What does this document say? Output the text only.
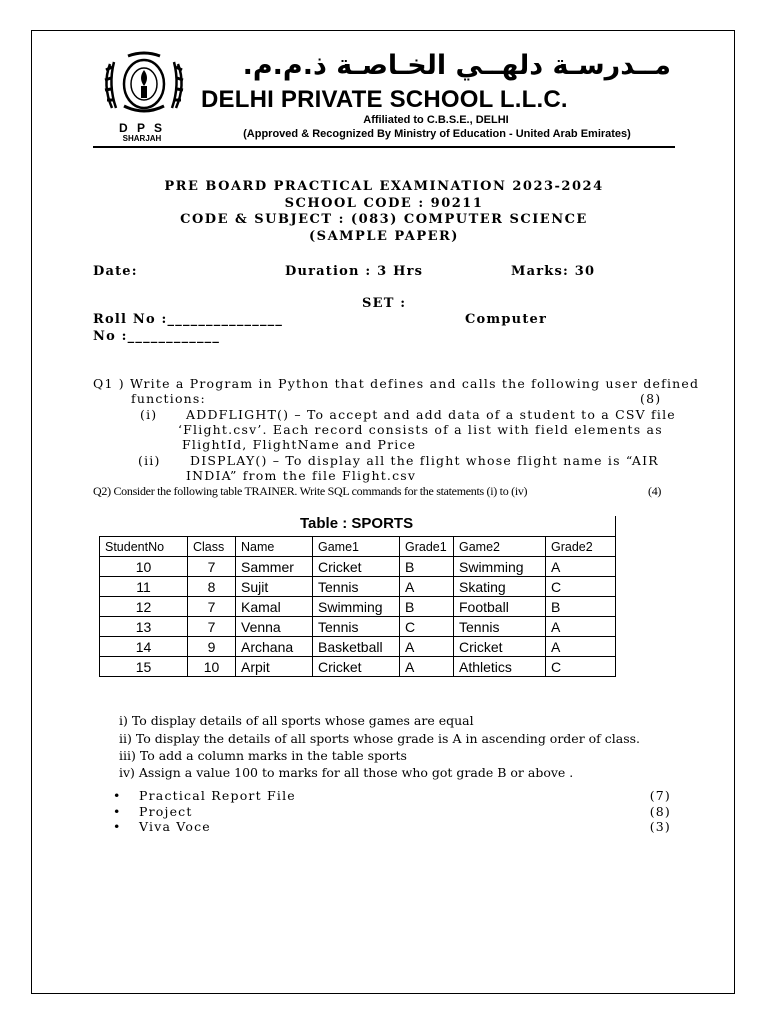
D P S
SHARJAH
مــدرسـة دلهــي الخـاصـة ذ.م.م.
DELHI PRIVATE SCHOOL L.L.C.
Affiliated to C.B.S.E., DELHI
(Approved & Recognized By Ministry of Education - United Arab Emirates)
PRE BOARD PRACTICAL EXAMINATION 2023-2024
SCHOOL CODE : 90211
CODE & SUBJECT : (083) COMPUTER SCIENCE
(SAMPLE PAPER)
Date:	Duration : 3 Hrs	Marks: 30
SET :
Roll No :_______________	Computer
No :____________
Q1 ) Write a Program in Python that defines and calls the following user defined
functions:	(8)
(i) ADDFLIGHT() – To accept and add data of a student to a CSV file
‘Flight.csv’. Each record consists of a list with field elements as
FlightId, FlightName and Price
(ii) DISPLAY() – To display all the flight whose flight name is “AIR
INDIA” from the file Flight.csv
Q2) Consider the following table TRAINER. Write SQL commands for the statements (i) to (iv)	(4)
Table : SPORTS
StudentNo	Class	Name	Game1	Grade1	Game2	Grade2
10	7	Sammer	Cricket	B	Swimming	A
11	8	Sujit	Tennis	A	Skating	C
12	7	Kamal	Swimming	B	Football	B
13	7	Venna	Tennis	C	Tennis	A
14	9	Archana	Basketball	A	Cricket	A
15	10	Arpit	Cricket	A	Athletics	C
i) To display details of all sports whose games are equal
ii) To display the details of all sports whose grade is A in ascending order of class.
iii) To add a column marks in the table sports
iv) Assign a value 100 to marks for all those who got grade B or above .
• Practical Report File	(7)
• Project	(8)
• Viva Voce	(3)
